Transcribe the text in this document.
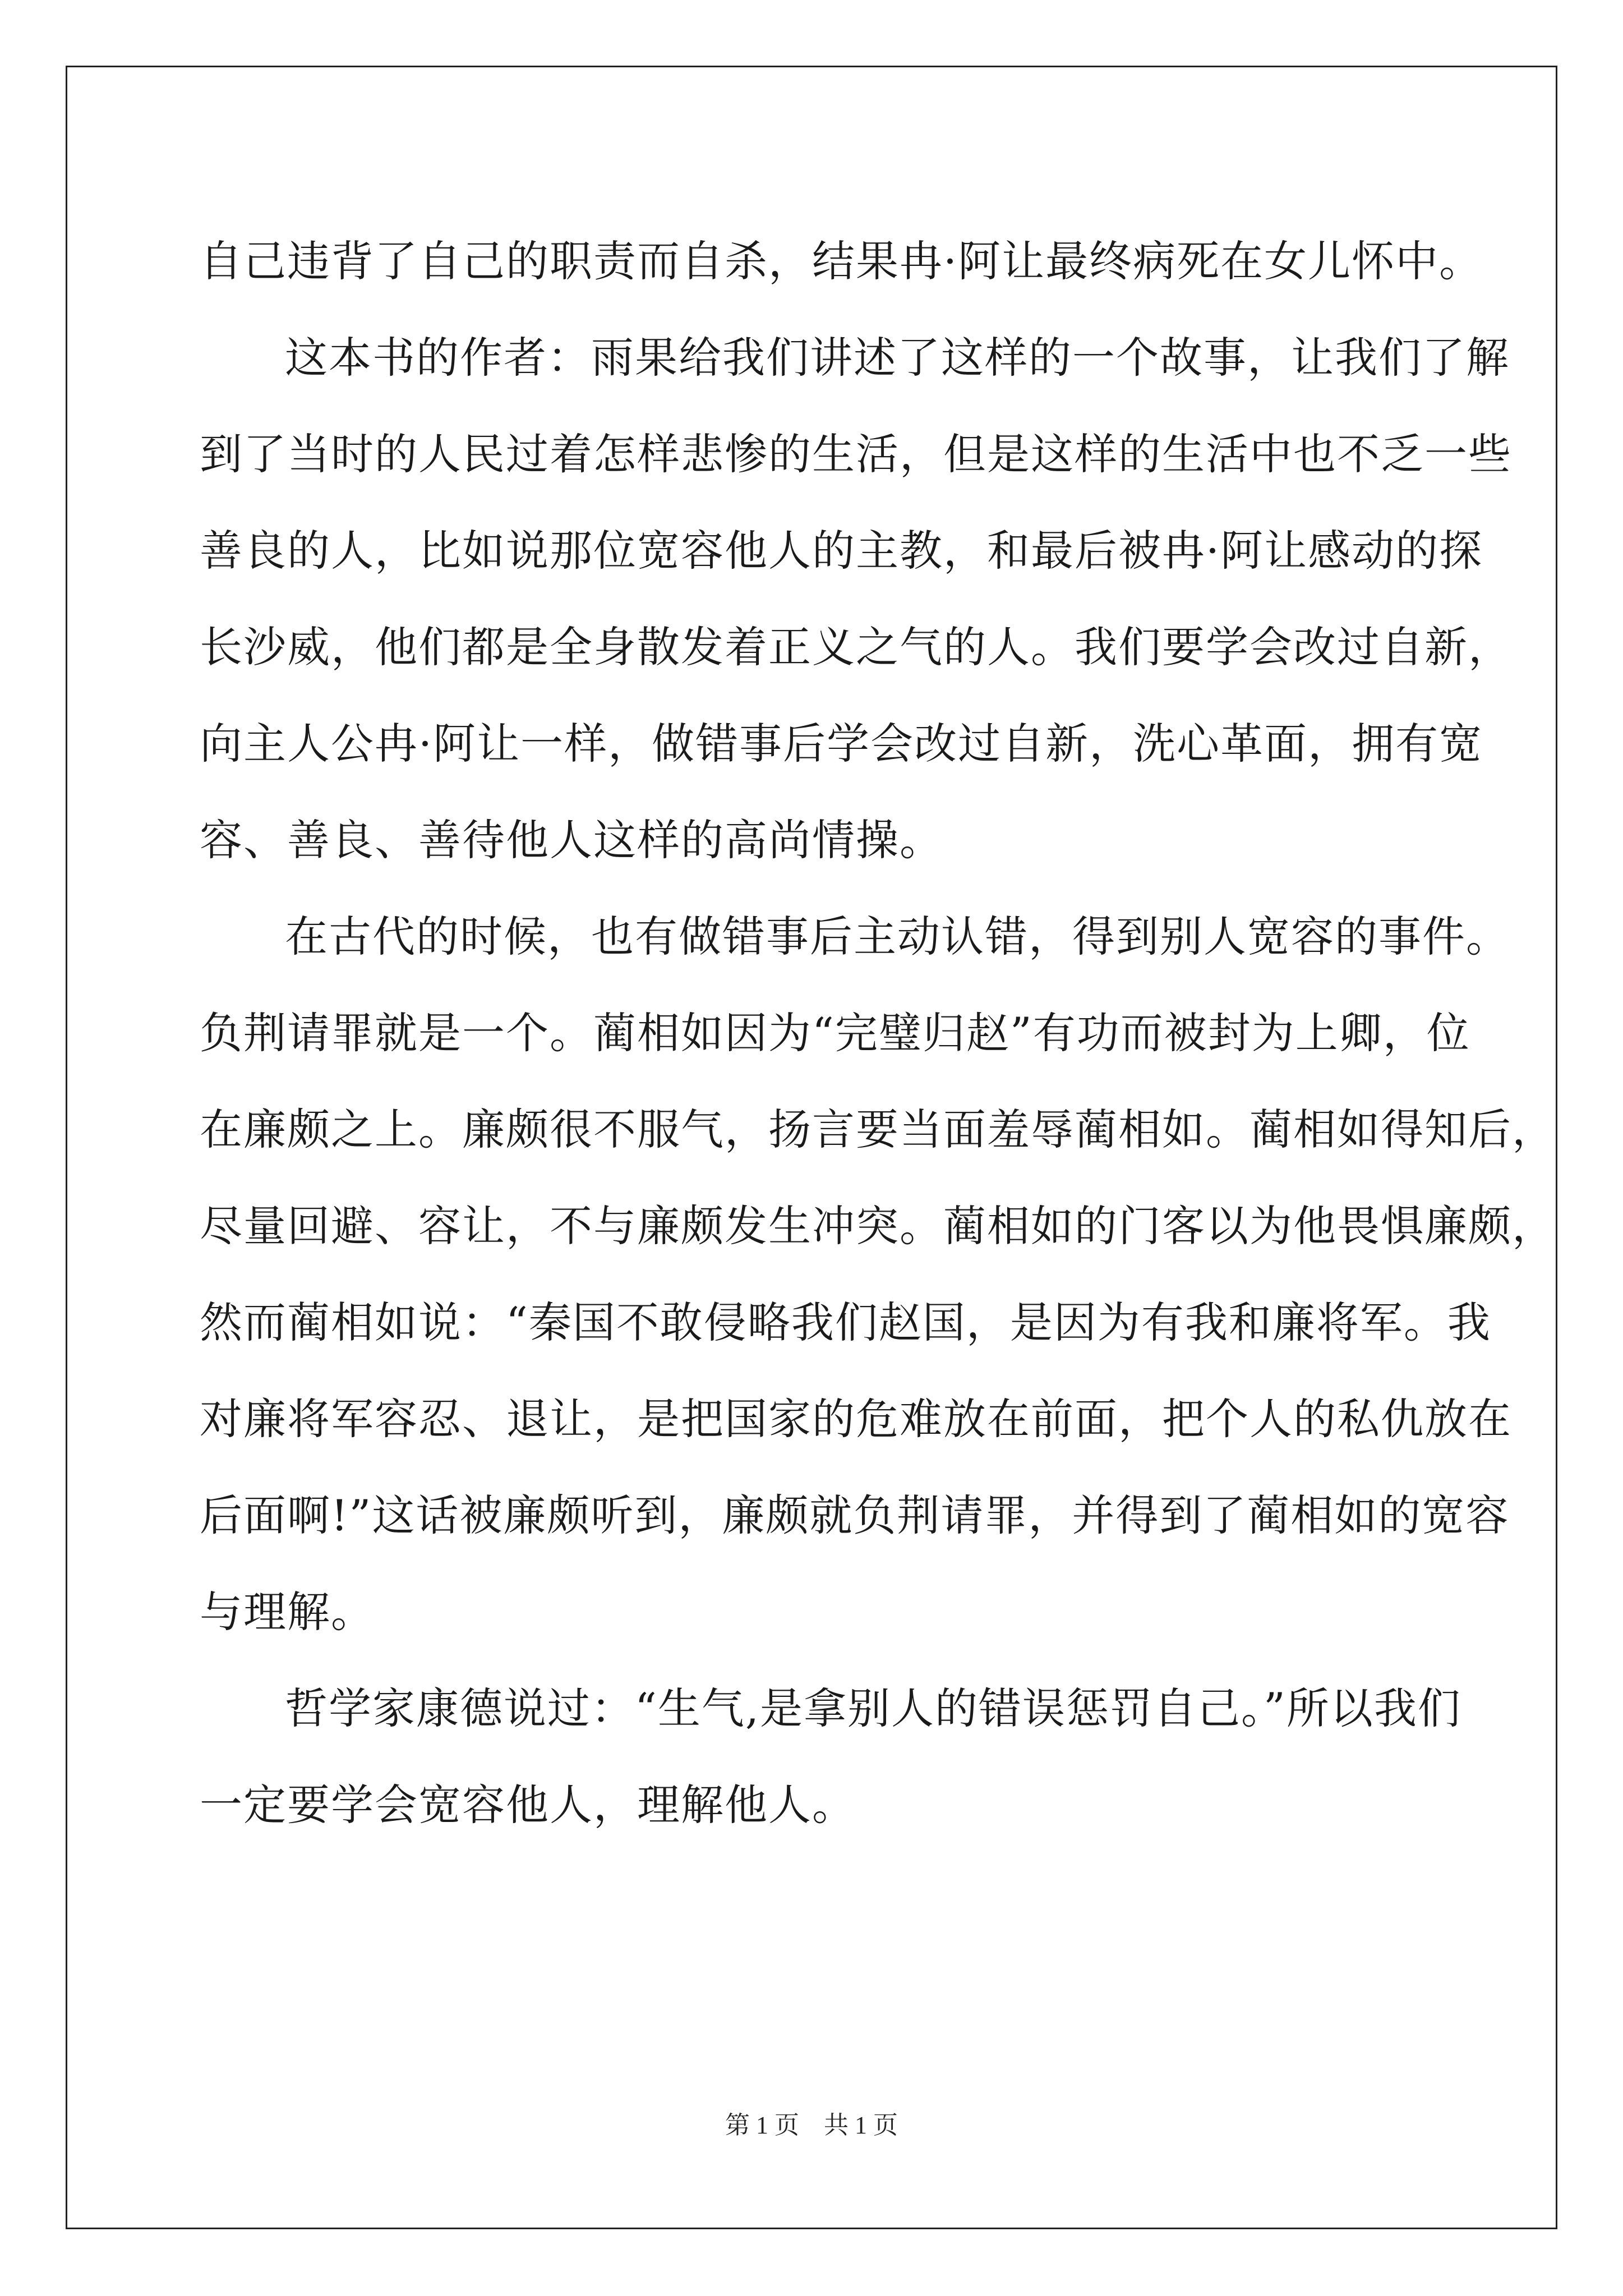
自己违背了自己的职责而自杀，结果冉·阿让最终病死在女儿怀中。
这本书的作者：雨果给我们讲述了这样的一个故事，让我们了解
到了当时的人民过着怎样悲惨的生活，但是这样的生活中也不乏一些
善良的人，比如说那位宽容他人的主教，和最后被冉·阿让感动的探
长沙威，他们都是全身散发着正义之气的人。我们要学会改过自新，
向主人公冉·阿让一样，做错事后学会改过自新，洗心革面，拥有宽
容、善良、善待他人这样的高尚情操。
在古代的时候，也有做错事后主动认错，得到别人宽容的事件。
负荆请罪就是一个。蔺相如因为“完璧归赵”有功而被封为上卿，位
在廉颇之上。廉颇很不服气，扬言要当面羞辱蔺相如。蔺相如得知后，
尽量回避、容让，不与廉颇发生冲突。蔺相如的门客以为他畏惧廉颇，
然而蔺相如说：“秦国不敢侵略我们赵国，是因为有我和廉将军。我
对廉将军容忍、退让，是把国家的危难放在前面，把个人的私仇放在
后面啊!”这话被廉颇听到，廉颇就负荆请罪，并得到了蔺相如的宽容
与理解。
哲学家康德说过：“生气,是拿别人的错误惩罚自己。”所以我们
一定要学会宽容他人，理解他人。
第 1 页　共 1 页
